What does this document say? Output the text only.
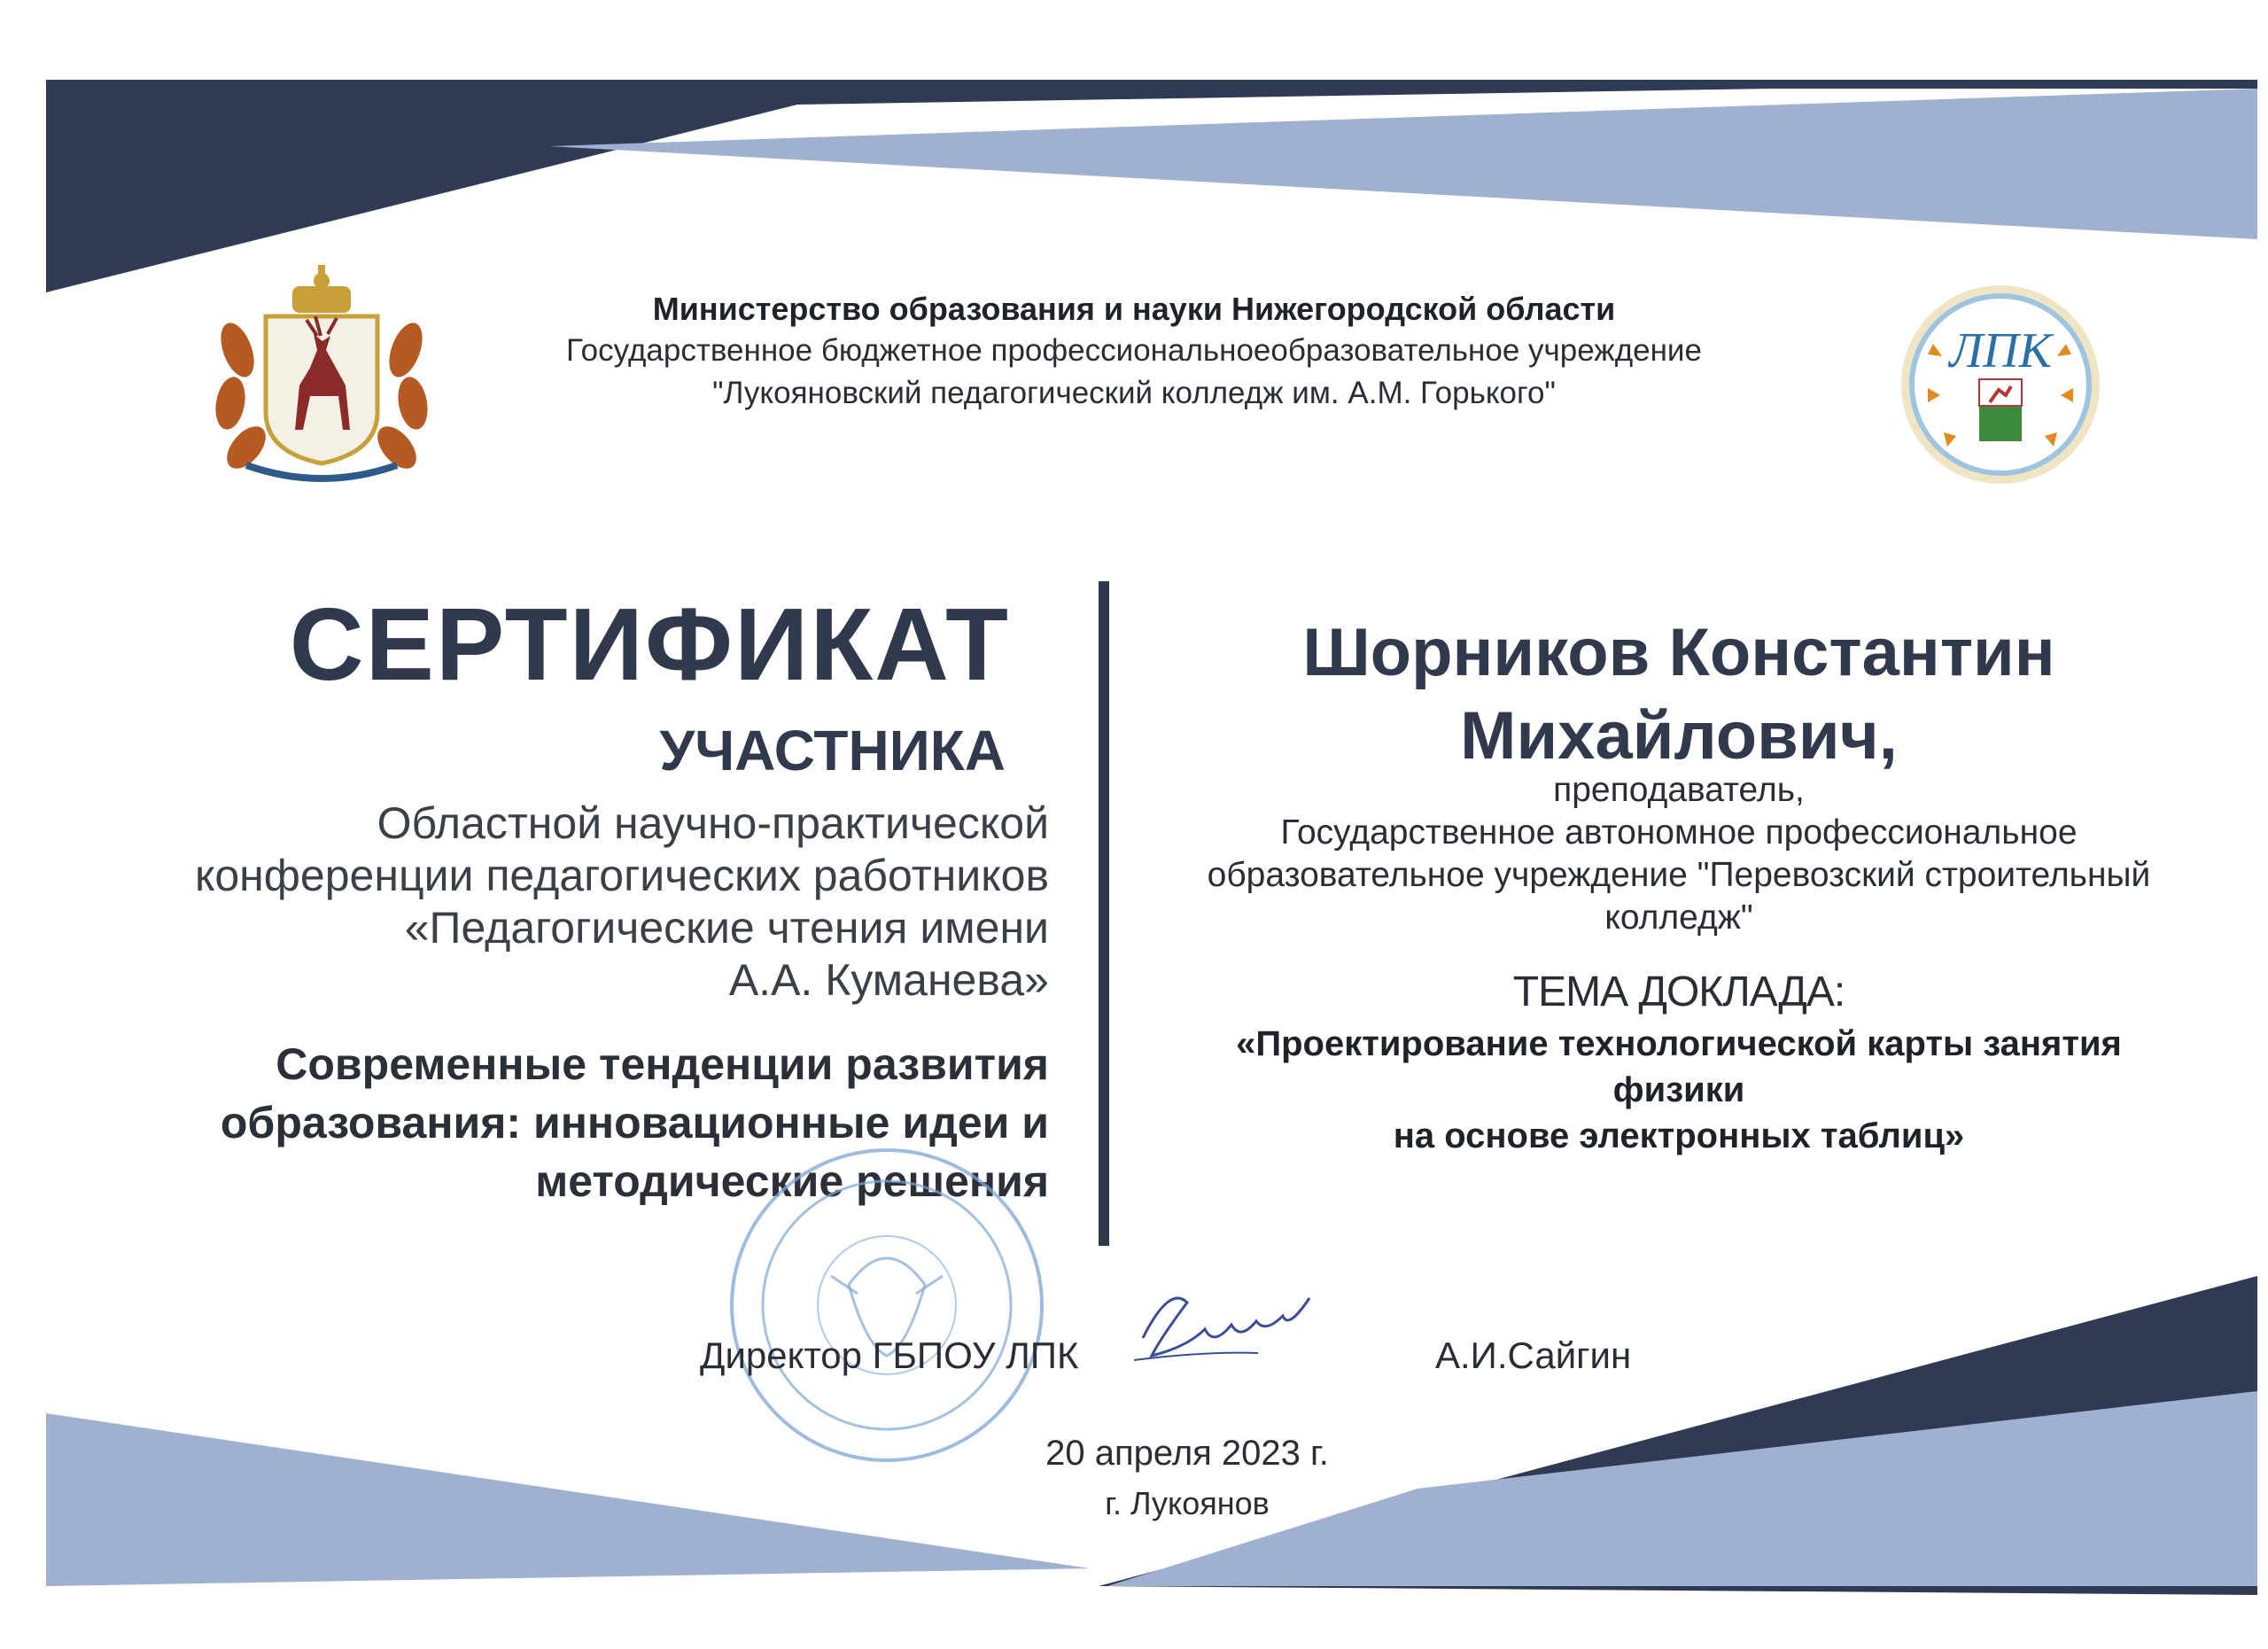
ЛПК
Министерство образования и науки Нижегородской области
Государственное бюджетное профессиональноеобразовательное учреждение
"Лукояновский педагогический колледж им. А.М. Горького"
СЕРТИФИКАТ
УЧАСТНИКА
Областной научно-практической
конференции педагогических работников
«Педагогические чтения имени
А.А. Куманева»
Современные тенденции развития
образования: инновационные идеи и
методические решения
Шорников Константин
Михайлович,
преподаватель,
Государственное автономное профессиональное
образовательное учреждение "Перевозский строительный
колледж"
ТЕМА ДОКЛАДА:
«Проектирование технологической карты занятия физики
на основе электронных таблиц»
Директор ГБПОУ ЛПК	А.И.Сайгин
20 апреля 2023 г.
г. Лукоянов
